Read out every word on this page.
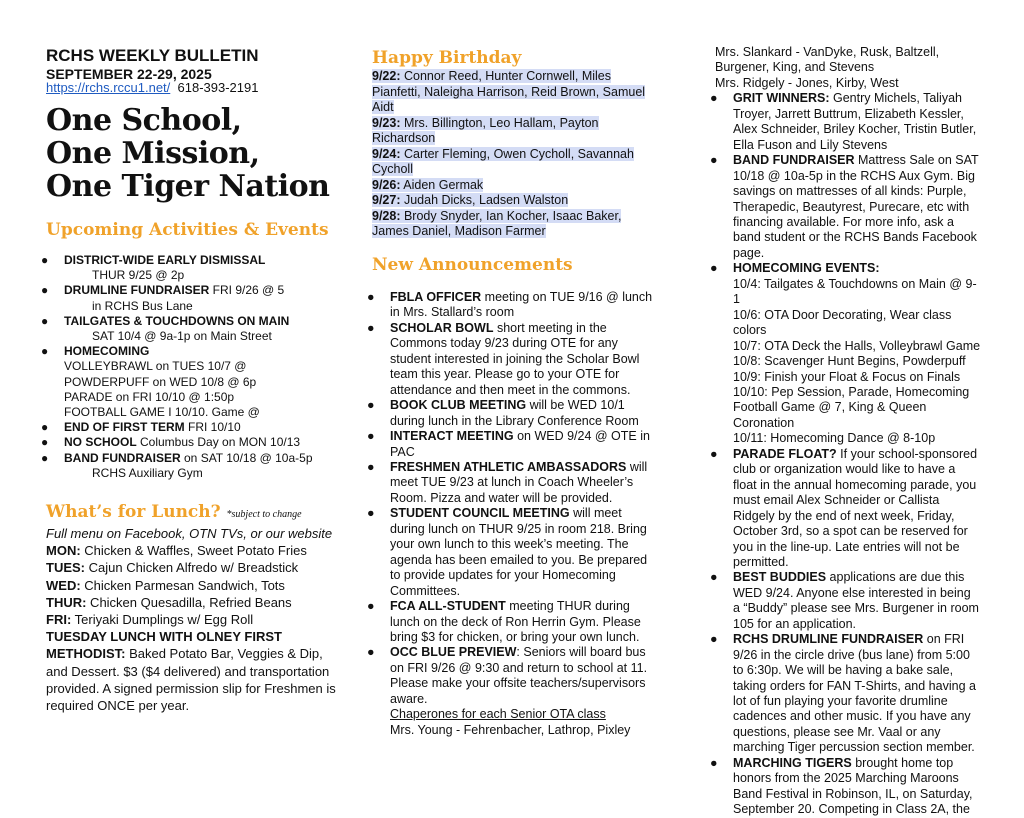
RCHS WEEKLY BULLETIN
SEPTEMBER 22-29, 2025
https://rchs.rccu1.net/ 618-393-2191
One School,
One Mission,
One Tiger Nation
Upcoming Activities & Events
● DISTRICT-WIDE EARLY DISMISSAL
THUR 9/25 @ 2p
● DRUMLINE FUNDRAISER FRI 9/26 @ 5
in RCHS Bus Lane
● TAILGATES & TOUCHDOWNS ON MAIN
SAT 10/4 @ 9a-1p on Main Street
● HOMECOMING
VOLLEYBRAWL on TUES 10/7 @
POWDERPUFF on WED 10/8 @ 6p
PARADE on FRI 10/10 @ 1:50p
FOOTBALL GAME I 10/10. Game @
● END OF FIRST TERM FRI 10/10
● NO SCHOOL Columbus Day on MON 10/13
● BAND FUNDRAISER on SAT 10/18 @ 10a-5p
RCHS Auxiliary Gym
What’s for Lunch? *subject to change

Full menu on Facebook, OTN TVs, or our website

MON: Chicken & Waffles, Sweet Potato Fries

TUES: Cajun Chicken Alfredo w/ Breadstick

WED: Chicken Parmesan Sandwich, Tots

THUR: Chicken Quesadilla, Refried Beans

FRI: Teriyaki Dumplings w/ Egg Roll

TUESDAY LUNCH WITH OLNEY FIRST METHODIST: Baked Potato Bar, Veggies & Dip, and Dessert. $3 ($4 delivered) and transportation provided. A signed permission slip for Freshmen is required ONCE per year.

Happy Birthday

9/22: Connor Reed, Hunter Cornwell, Miles Pianfetti, Naleigha Harrison, Reid Brown, Samuel Aidt

9/23: Mrs. Billington, Leo Hallam, Payton Richardson

9/24: Carter Fleming, Owen Cycholl, Savannah Cycholl

9/26: Aiden Germak

9/27: Judah Dicks, Ladsen Walston

9/28: Brody Snyder, Ian Kocher, Isaac Baker, James Daniel, Madison Farmer

New Announcements
● FBLA OFFICER meeting on TUE 9/16 @ lunch in Mrs. Stallard’s room
● SCHOLAR BOWL short meeting in the Commons today 9/23 during OTE for any student interested in joining the Scholar Bowl team this year. Please go to your OTE for attendance and then meet in the commons.
● BOOK CLUB MEETING will be WED 10/1 during lunch in the Library Conference Room
● INTERACT MEETING on WED 9/24 @ OTE in PAC
● FRESHMEN ATHLETIC AMBASSADORS will meet TUE 9/23 at lunch in Coach Wheeler’s Room. Pizza and water will be provided.
● STUDENT COUNCIL MEETING will meet during lunch on THUR 9/25 in room 218. Bring your own lunch to this week’s meeting. The agenda has been emailed to you. Be prepared to provide updates for your Homecoming Committees.
● FCA ALL-STUDENT meeting THUR during lunch on the deck of Ron Herrin Gym. Please bring $3 for chicken, or bring your own lunch.
● OCC BLUE PREVIEW: Seniors will board bus on FRI 9/26 @ 9:30 and return to school at 11. Please make your offsite teachers/supervisors aware.
Chaperones for each Senior OTA class
Mrs. Young - Fehrenbacher, Lathrop, Pixley
Mrs. Slankard - VanDyke, Rusk, Baltzell, Burgener, King, and Stevens
Mrs. Ridgely - Jones, Kirby, West
● GRIT WINNERS: Gentry Michels, Taliyah Troyer, Jarrett Buttrum, Elizabeth Kessler, Alex Schneider, Briley Kocher, Tristin Butler, Ella Fuson and Lily Stevens
● BAND FUNDRAISER Mattress Sale on SAT 10/18 @ 10a-5p in the RCHS Aux Gym. Big savings on mattresses of all kinds: Purple, Therapedic, Beautyrest, Purecare, etc with financing available. For more info, ask a band student or the RCHS Bands Facebook page.
● HOMECOMING EVENTS:
10/4: Tailgates & Touchdowns on Main @ 9-1
10/6: OTA Door Decorating, Wear class colors
10/7: OTA Deck the Halls, Volleybrawl Game
10/8: Scavenger Hunt Begins, Powderpuff
10/9: Finish your Float & Focus on Finals
10/10: Pep Session, Parade, Homecoming Football Game @ 7, King & Queen Coronation
10/11: Homecoming Dance @ 8-10p
● PARADE FLOAT? If your school-sponsored club or organization would like to have a float in the annual homecoming parade, you must email Alex Schneider or Callista Ridgely by the end of next week, Friday, October 3rd, so a spot can be reserved for you in the line-up. Late entries will not be permitted.
● BEST BUDDIES applications are due this WED 9/24. Anyone else interested in being a “Buddy” please see Mrs. Burgener in room 105 for an application.
● RCHS DRUMLINE FUNDRAISER on FRI 9/26 in the circle drive (bus lane) from 5:00 to 6:30p. We will be having a bake sale, taking orders for FAN T-Shirts, and having a lot of fun playing your favorite drumline cadences and other music. If you have any questions, please see Mr. Vaal or any marching Tiger percussion section member.
● MARCHING TIGERS brought home top honors from the 2025 Marching Maroons Band Festival in Robinson, IL, on Saturday, September 20. Competing in Class 2A, the
